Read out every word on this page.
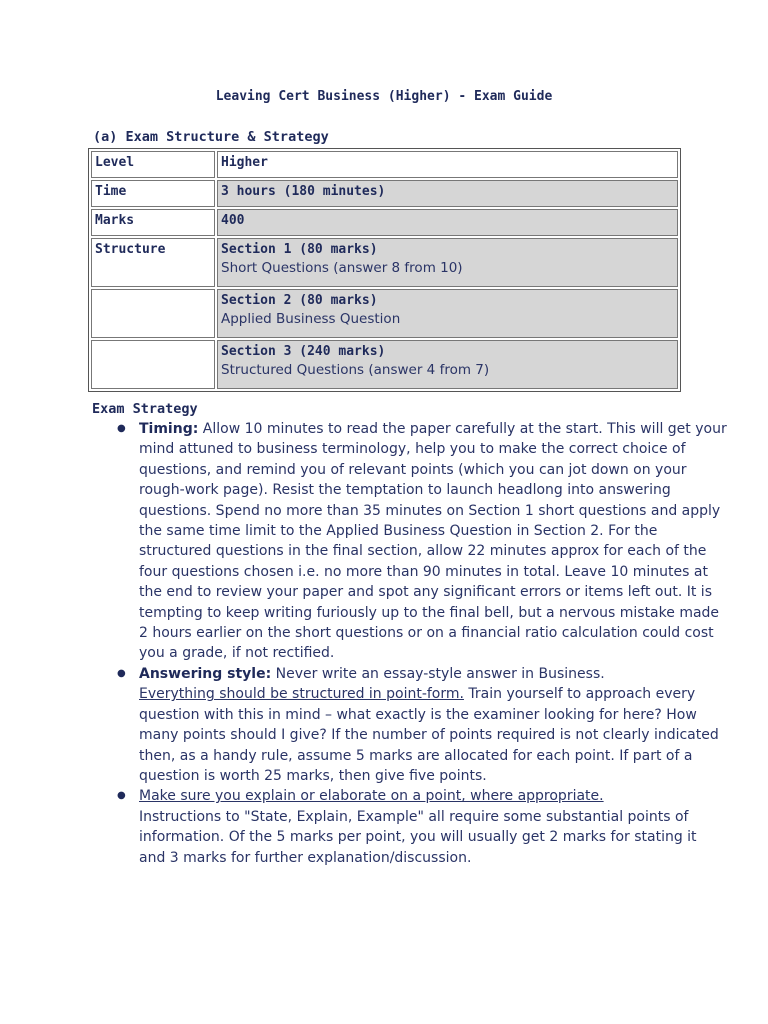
Leaving Cert Business (Higher) - Exam Guide
(a) Exam Structure & Strategy
Level	Higher
Time	3 hours (180 minutes)
Marks	400
Structure	Section 1 (80 marks)
Short Questions (answer 8 from 10)

	Section 2 (80 marks)
Applied Business Question

	Section 3 (240 marks)
Structured Questions (answer 4 from 7)
Exam Strategy
● Timing: Allow 10 minutes to read the paper carefully at the start. This will get your mind attuned to business terminology, help you to make the correct choice of questions, and remind you of relevant points (which you can jot down on your rough-work page). Resist the temptation to launch headlong into answering questions. Spend no more than 35 minutes on Section 1 short questions and apply the same time limit to the Applied Business Question in Section 2. For the structured questions in the final section, allow 22 minutes approx for each of the four questions chosen i.e. no more than 90 minutes in total. Leave 10 minutes at the end to review your paper and spot any significant errors or items left out. It is tempting to keep writing furiously up to the final bell, but a nervous mistake made 2 hours earlier on the short questions or on a financial ratio calculation could cost you a grade, if not rectified.
● Answering style: Never write an essay-style answer in Business.
Everything should be structured in point-form. Train yourself to approach every question with this in mind – what exactly is the examiner looking for here? How many points should I give? If the number of points required is not clearly indicated then, as a handy rule, assume 5 marks are allocated for each point. If part of a question is worth 25 marks, then give five points.
● Make sure you explain or elaborate on a point, where appropriate.
Instructions to "State, Explain, Example" all require some substantial points of information. Of the 5 marks per point, you will usually get 2 marks for stating it and 3 marks for further explanation/discussion.
